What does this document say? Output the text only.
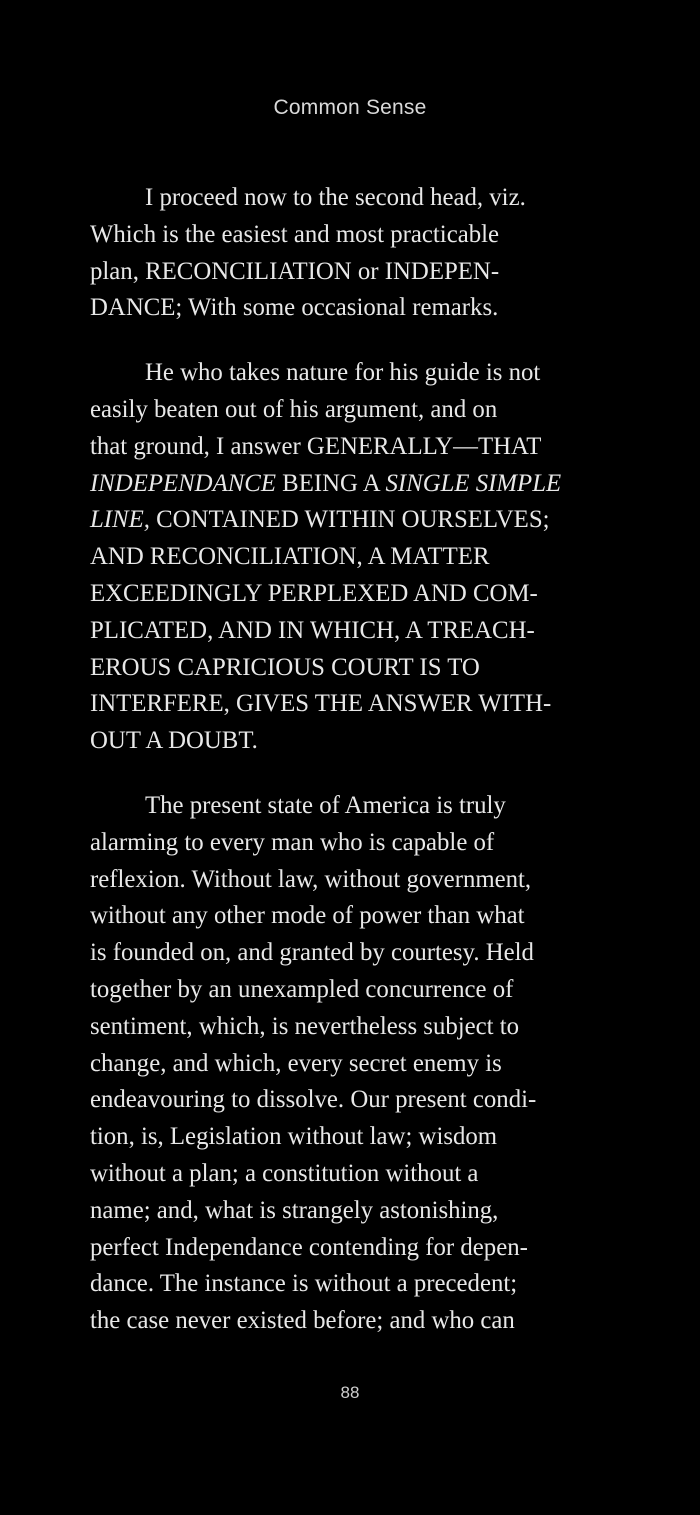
Common Sense

I proceed now to the second head, viz.
Which is the easiest and most practicable
plan, RECONCILIATION or INDEPEN-
DANCE; With some occasional remarks.

He who takes nature for his guide is not
easily beaten out of his argument, and on
that ground, I answer GENERALLY—THAT
INDEPENDANCE BEING A SINGLE SIMPLE
LINE, CONTAINED WITHIN OURSELVES;
AND RECONCILIATION, A MATTER
EXCEEDINGLY PERPLEXED AND COM-
PLICATED, AND IN WHICH, A TREACH-
EROUS CAPRICIOUS COURT IS TO
INTERFERE, GIVES THE ANSWER WITH-
OUT A DOUBT.

The present state of America is truly
alarming to every man who is capable of
reflexion. Without law, without government,
without any other mode of power than what
is founded on, and granted by courtesy. Held
together by an unexampled concurrence of
sentiment, which, is nevertheless subject to
change, and which, every secret enemy is
endeavouring to dissolve. Our present condi-
tion, is, Legislation without law; wisdom
without a plan; a constitution without a
name; and, what is strangely astonishing,
perfect Independance contending for depen-
dance. The instance is without a precedent;
the case never existed before; and who can

88
